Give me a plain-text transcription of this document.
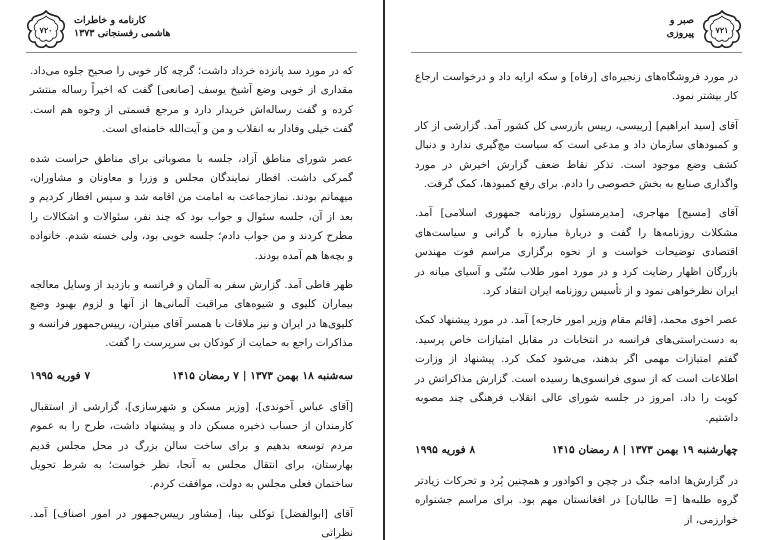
۷۲۰
کارنامه و خاطرات
هاشمی رفسنجانی ۱۳۷۳

که در مورد سد پانزده خرداد داشت؛ گرچه کار خوبی را صحیح جلوه می‌داد. مقداری از خوبی وضع آشیخ یوسف [صانعی] گفت که اخیراً رساله منتشر کرده و گفت رساله‌اش خریدار دارد و مرجع قسمتی از وجوه هم است. گفت خیلی وفادار به انقلاب و من و آیت‌الله خامنه‌ای است.

عصر شورای مناطق آزاد، جلسه با مصوباتی برای مناطق حراست شده گمرکی داشت. افطار نمایندگان مجلس و وزرا و معاونان و مشاوران، میهمانم بودند. نمازجماعت به امامت من اقامه شد و سپس افطار کردیم و بعد از آن، جلسه سئوال و جواب بود که چند نفر، سئوالات و اشکالات را مطرح کردند و من جواب دادم؛ جلسه خوبی بود، ولی خسته شدم. خانواده و بچه‌ها هم آمده بودند.

ظهر فاطی آمد. گزارش سفر به آلمان و فرانسه و بازدید از وسایل معالجه بیماران کلیوی و شیوه‌های مراقبت آلمانی‌ها از آنها و لزوم بهبود وضع کلیوی‌ها در ایران و نیز ملاقات با همسر آقای میتران، رییس‌جمهور فرانسه و مذاکرات راجع به حمایت از کودکان بی سرپرست را گفت.

سه‌شنبه ۱۸ بهمن ۱۳۷۳ | ۷ رمضان ۱۴۱۵
۷ فوریه ۱۹۹۵

[آقای عباس آخوندی]، [وزیر مسکن و شهرسازی]، گزارشی از استقبال کارمندان از حساب ذخیره مسکن داد و پیشنهاد داشت، طرح را به عموم مردم توسعه بدهیم و برای ساخت سالن بزرگ در محل مجلس قدیم بهارستان، برای انتقال مجلس به آنجا، نظر خواست؛ به شرط تحویل ساختمان فعلی مجلس به دولت، موافقت کردم.

آقای [ابوالفضل] توکلی بینا، [مشاور رییس‌جمهور در امور اصناف] آمد. نظراتی

۷۲۱
صبر و
پیروزی

در مورد فروشگاه‌های زنجیره‌ای [رفاه] و سکه ارایه داد و درخواست ارجاع کار بیشتر نمود.

آقای [سید ابراهیم] [رییسی، رییس بازرسی کل کشور آمد. گزارشی از کار و کمبودهای سازمان داد و مدعی است که سیاست مچ‌گیری ندارد و دنبال کشف وضع موجود است. تذکر نقاط ضعف گزارش اخیرش در مورد واگذاری صنایع به بخش خصوصی را دادم. برای رفع کمبودها، کمک گرفت.

آقای [مسیح] مهاجری، [مدیرمسئول روزنامه جمهوری اسلامی] آمد. مشکلات روزنامه‌ها را گفت و دربارهٔ مبارزه با گرانی و سیاست‌های اقتصادی توضیحات خواست و از نحوه برگزاری مراسم فوت مهندس بازرگان اظهار رضایت کرد و در مورد امور طلاب سُنّی و آسیای میانه در ایران نظرخواهی نمود و از تأسیس روزنامه ایران انتقاد کرد.

عصر اخوی محمد، [قائم مقام وزیر امور خارجه] آمد. در مورد پیشنهاد کمک به دست‌راستی‌های فرانسه در انتخابات در مقابل امتیازات خاص پرسید. گفتم امتیازات مهمی اگر بدهند، می‌شود کمک کرد. پیشنهاد از وزارت اطلاعات است که از سوی فرانسوی‌ها رسیده است. گزارش مذاکراتش در کویت را داد. امروز در جلسه شورای عالی انقلاب فرهنگی چند مصوبه داشتیم.

چهارشنبه ۱۹ بهمن ۱۳۷۳ | ۸ رمضان ۱۴۱۵
۸ فوریه ۱۹۹۵

در گزارش‌ها ادامه جنگ در چچن و اکوادور و همچنین پُرد و تحرکات زیادتر گروه طلبه‌ها [= طالبان] در افغانستان مهم بود. برای مراسم جشنواره خوارزمی، از
